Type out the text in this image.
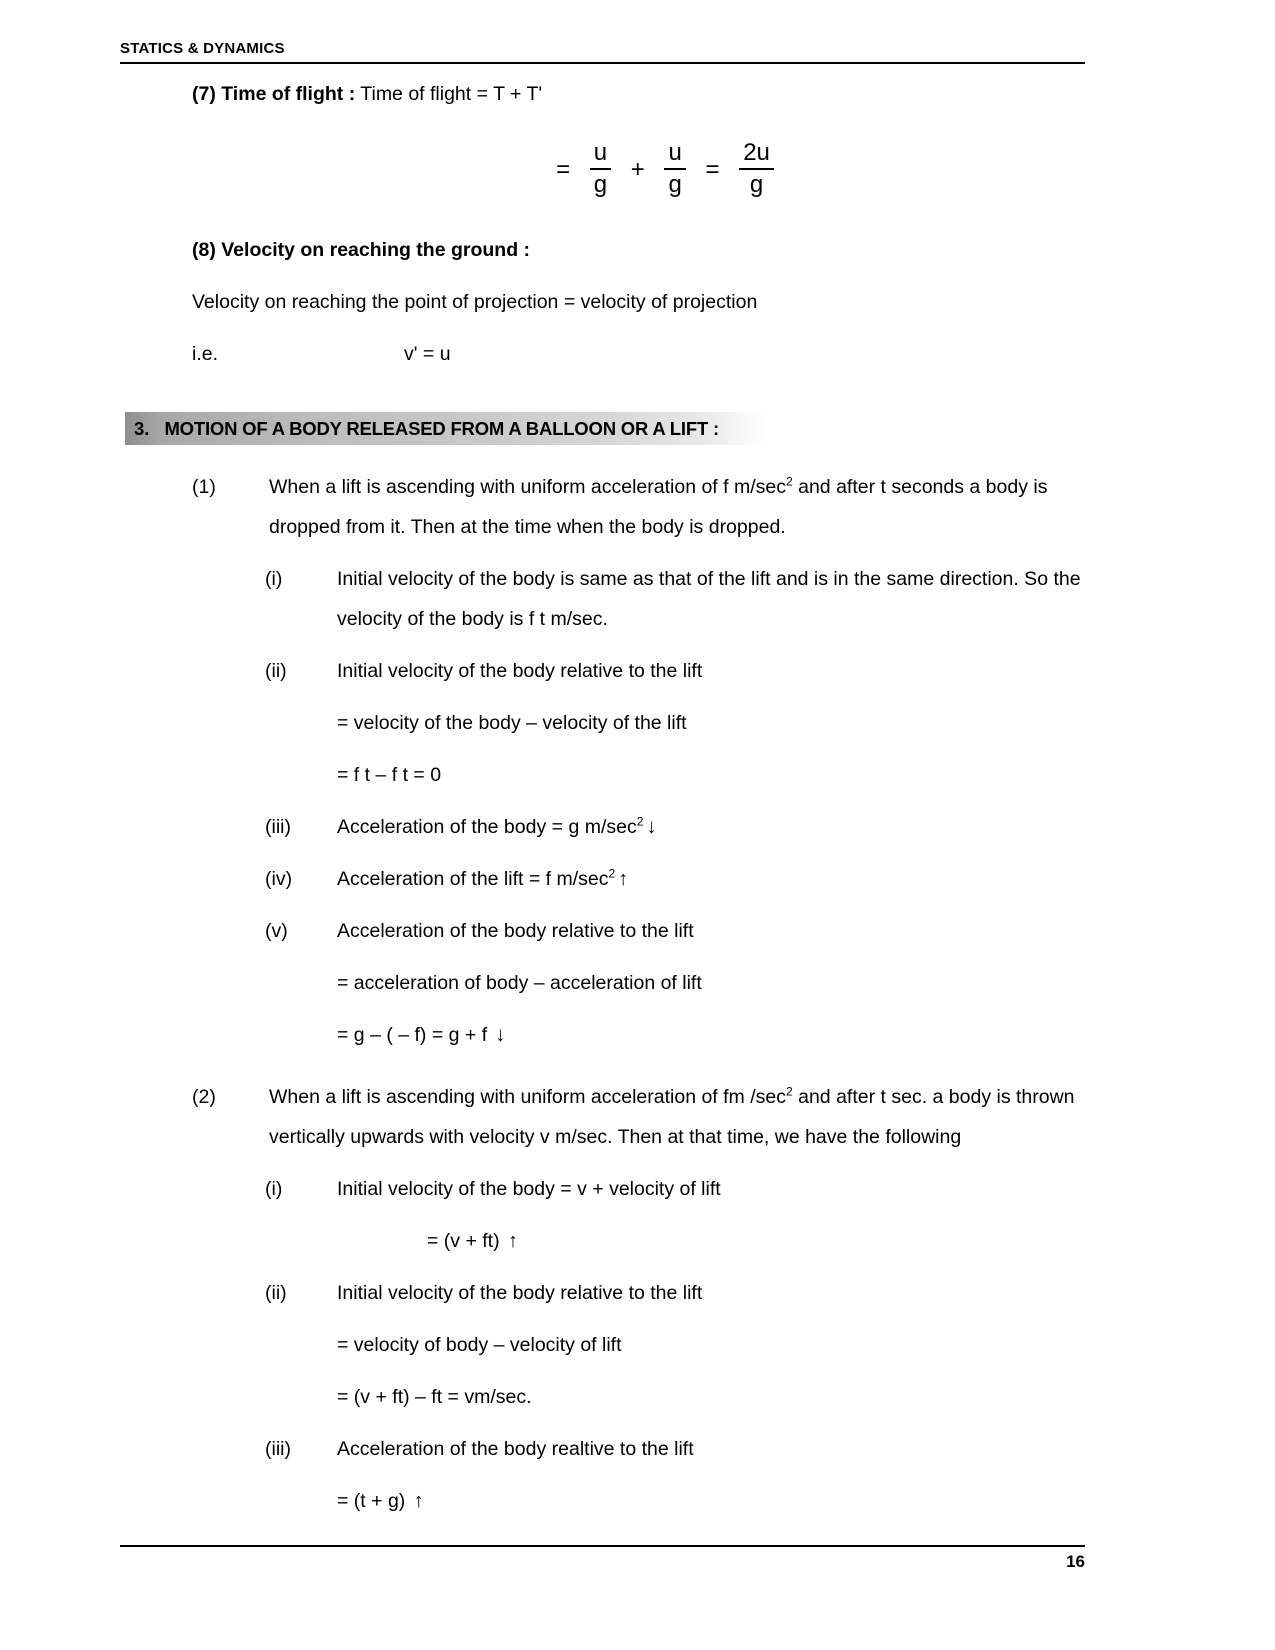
STATICS & DYNAMICS
(7) Time of flight : Time of flight = T + T'
= $\frac{u}{g} + \frac{u}{g} = \frac{2u}{g}$
(8) Velocity on reaching the ground :
Velocity on reaching the point of projection = velocity of projection
i.e.	v' = u
3. MOTION OF A BODY RELEASED FROM A BALLOON OR A LIFT :
(1)	When a lift is ascending with uniform acceleration of f $m/\sec^2$ and after t seconds a body is dropped from it. Then at the time when the body is dropped.
(i)	Initial velocity of the body is same as that of the lift and is in the same direction. So the velocity of the body is f t m/sec.
(ii)	Initial velocity of the body relative to the lift
= velocity of the body – velocity of the lift
= f t – f t = 0
(iii)	Acceleration of the body = g $m/\sec^2$ ↓
(iv)	Acceleration of the lift = f $m/\sec^2$ ↑
(v)	Acceleration of the body relative to the lift
= acceleration of body – acceleration of lift
= g – ( – f) = g + f ↓
(2)	When a lift is ascending with uniform acceleration of fm $/\sec^2$ and after t sec. a body is thrown vertically upwards with velocity v m/sec. Then at that time, we have the following
(i)	Initial velocity of the body = v + velocity of lift
= (v + ft) ↑
(ii)	Initial velocity of the body relative to the lift
= velocity of body – velocity of lift
= (v + ft) – ft = vm/sec.
(iii)	Acceleration of the body realtive to the lift
= (t + g) ↑
16
